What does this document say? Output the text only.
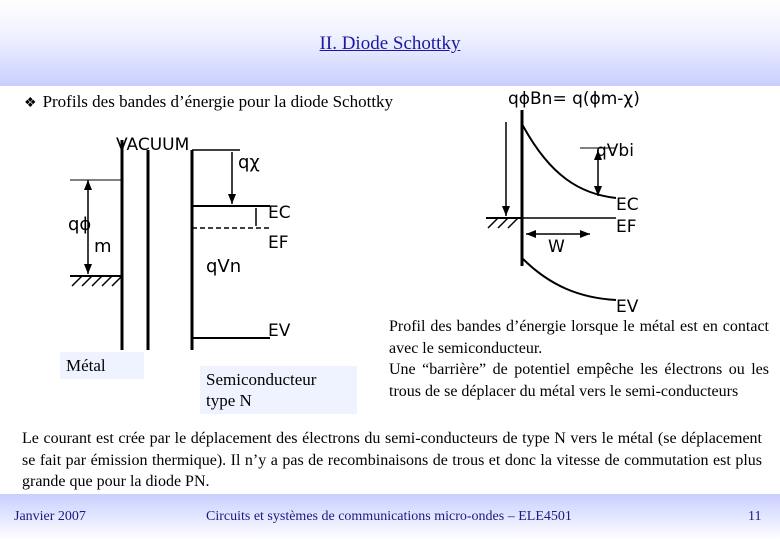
II. Diode Schottky
❖ Profils des bandes d’énergie pour la diode Schottky
VACUUM
qϕ
m
qχ
qVn
EC
EF
EV
Métal
Semiconducteur
type N
qϕBn= q(ϕm-χ)
qVbi
W
EC
EF
EV

Profil des bandes d’énergie lorsque le métal est en contact avec le semiconducteur.

Une “barrière” de potentiel empêche les électrons ou les trous de se déplacer du métal vers le semi-conducteurs

Le courant est crée par le déplacement des électrons du semi-conducteurs de type N vers le métal (se déplacement se fait par émission thermique). Il n’y a pas de recombinaisons de trous et donc la vitesse de commutation est plus grande que pour la diode PN.
Janvier 2007	Circuits et systèmes de communications micro-ondes – ELE4501	11
